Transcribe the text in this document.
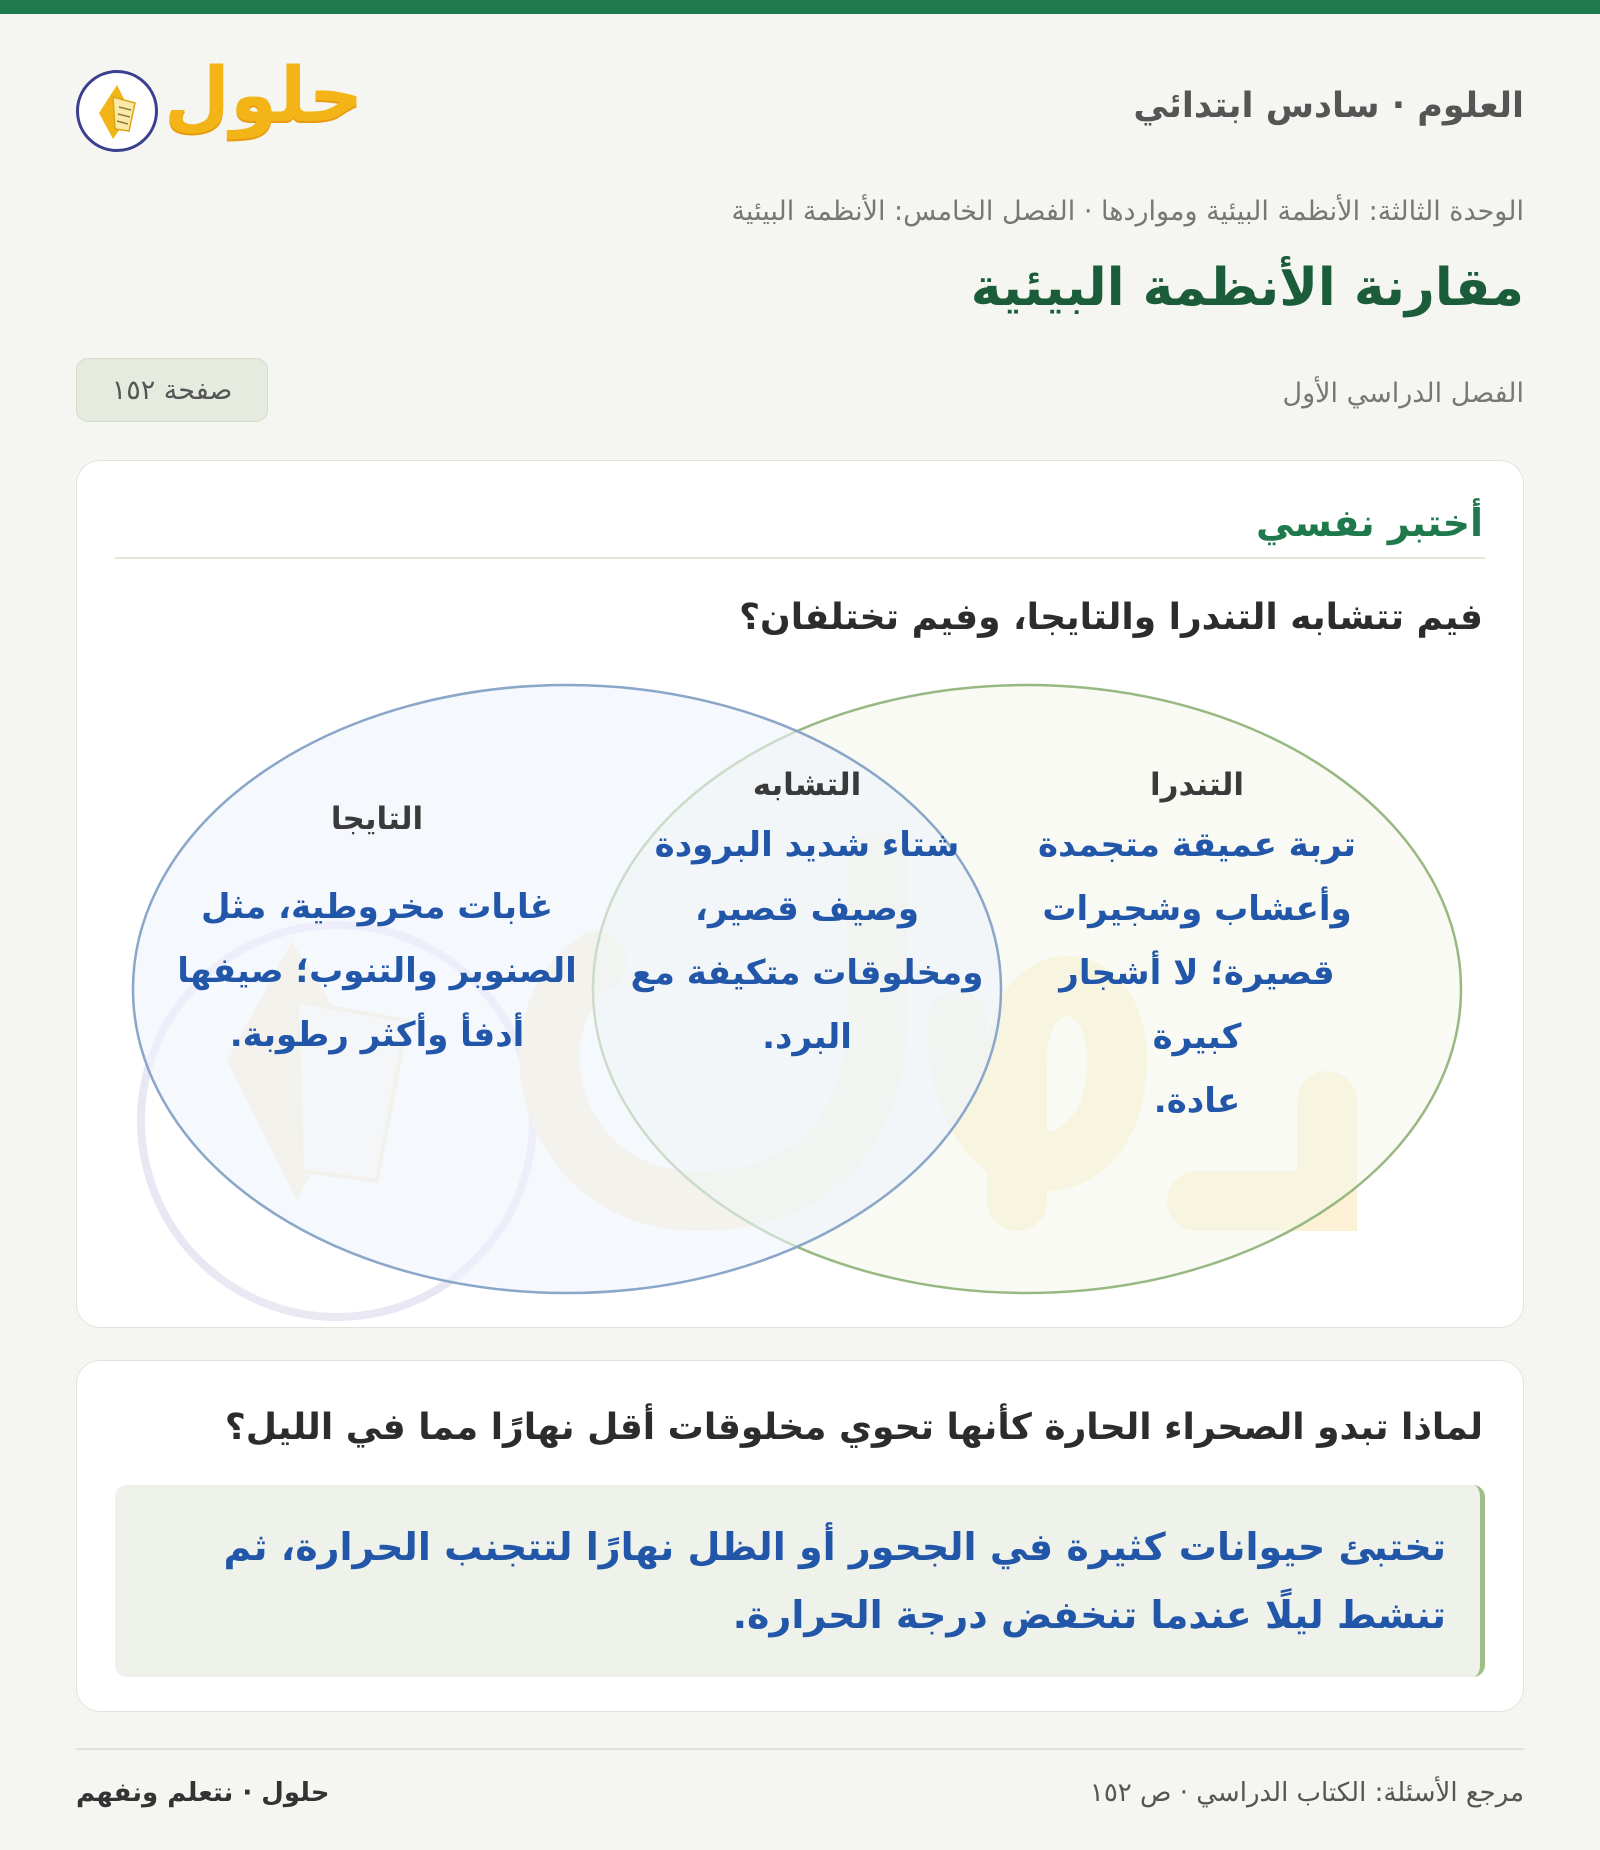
العلوم · سادس ابتدائي
حلول
الوحدة الثالثة: الأنظمة البيئية ومواردها · الفصل الخامس: الأنظمة البيئية
مقارنة الأنظمة البيئية
الفصل الدراسي الأول
صفحة ١٥٢
أختبر نفسي
فيم تتشابه التندرا والتايجا، وفيم تختلفان؟
التندرا
تربة عميقة متجمدة
وأعشاب وشجيرات
قصيرة؛ لا أشجار كبيرة
عادة.
التشابه
شتاء شديد البرودة
وصيف قصير،
ومخلوقات متكيفة مع
البرد.
التايجا
غابات مخروطية، مثل
الصنوبر والتنوب؛ صيفها
أدفأ وأكثر رطوبة.
لماذا تبدو الصحراء الحارة كأنها تحوي مخلوقات أقل نهارًا مما في الليل؟
تختبئ حيوانات كثيرة في الجحور أو الظل نهارًا لتتجنب الحرارة، ثم
تنشط ليلًا عندما تنخفض درجة الحرارة.
مرجع الأسئلة: الكتاب الدراسي · ص ١٥٢
حلول · نتعلم ونفهم
